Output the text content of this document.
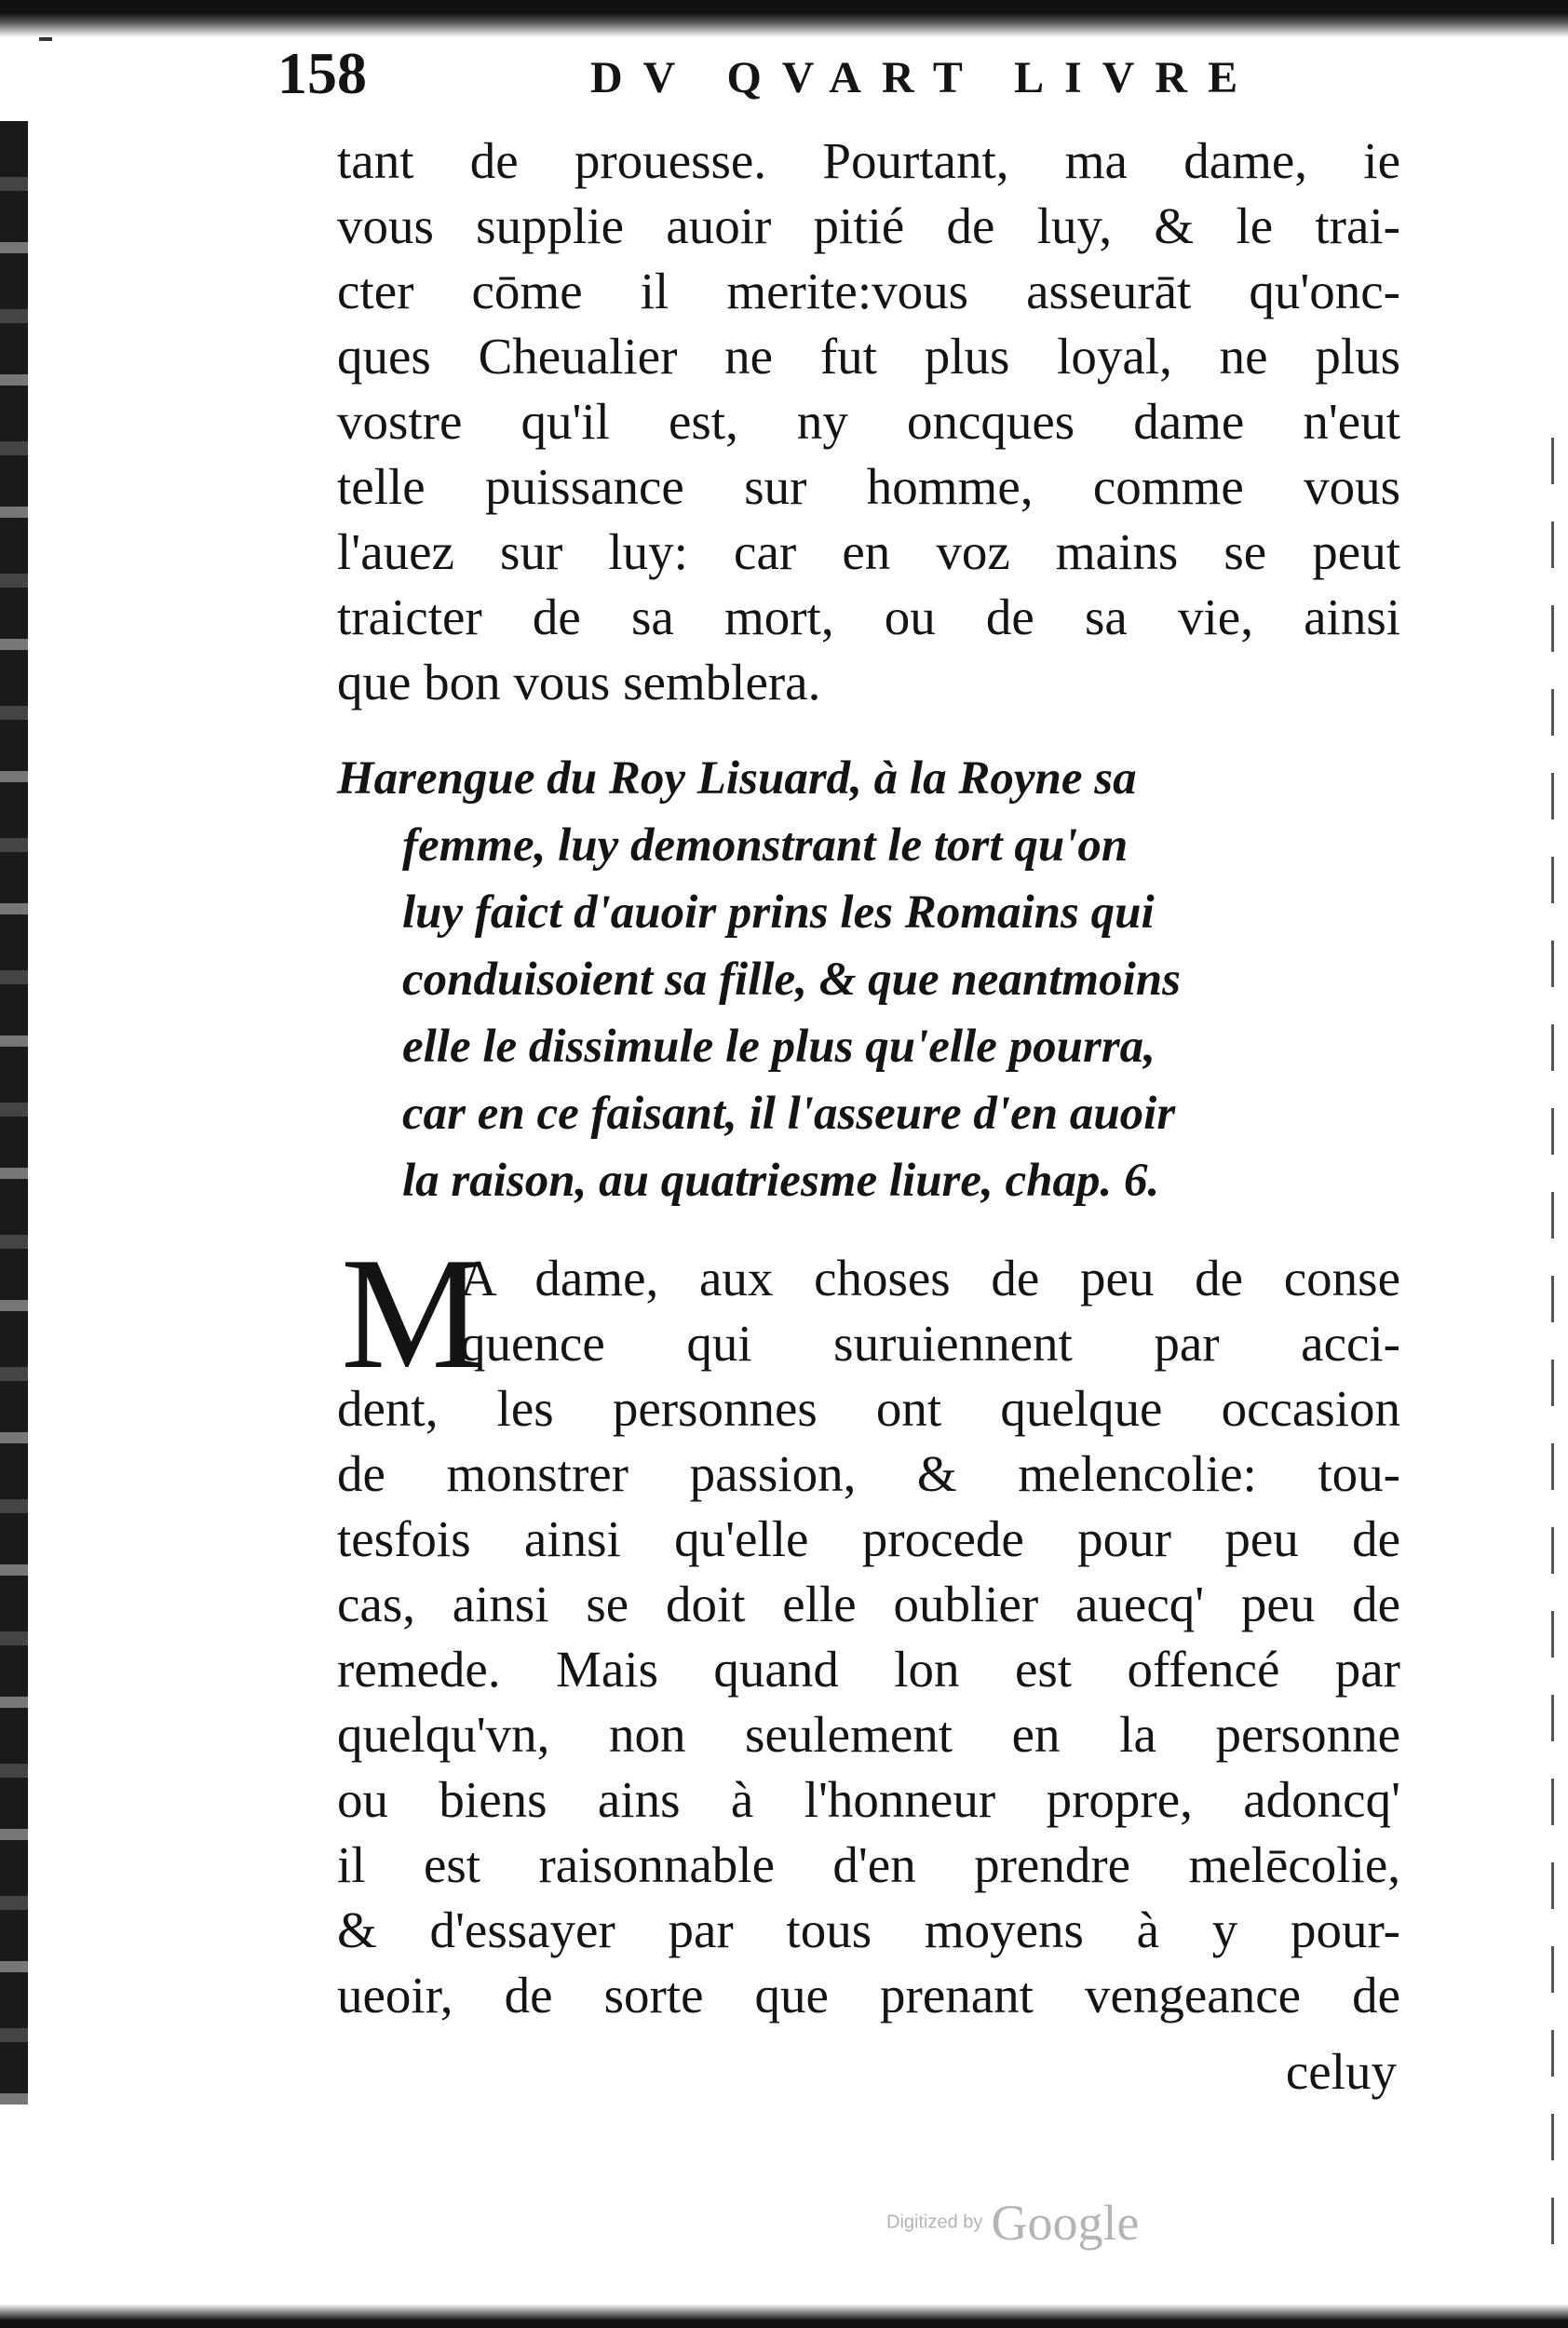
158	DV QVART LIVRE
tant de prouesse. Pourtant, ma dame, ie
vous supplie auoir pitié de luy, & le trai-
cter cōme il merite:vous asseurāt qu'onc-
ques Cheualier ne fut plus loyal, ne plus
vostre qu'il est, ny oncques dame n'eut
telle puissance sur homme, comme vous
l'auez sur luy: car en voz mains se peut
traicter de sa mort, ou de sa vie, ainsi
que bon vous semblera.
Harengue du Roy Lisuard, à la Royne sa
femme, luy demonstrant le tort qu'on
luy faict d'auoir prins les Romains qui
conduisoient sa fille, & que neantmoins
elle le dissimule le plus qu'elle pourra,
car en ce faisant, il l'asseure d'en auoir
la raison, au quatriesme liure, chap. 6.
M
A dame, aux choses de peu de conse
quence qui suruiennent par acci-
dent, les personnes ont quelque occasion
de monstrer passion, & melencolie: tou-
tesfois ainsi qu'elle procede pour peu de
cas, ainsi se doit elle oublier auecq' peu de
remede. Mais quand lon est offencé par
quelqu'vn, non seulement en la personne
ou biens ains à l'honneur propre, adoncq'
il est raisonnable d'en prendre melēcolie,
& d'essayer par tous moyens à y pour-
ueoir, de sorte que prenant vengeance de
celuy
Digitized by Google
